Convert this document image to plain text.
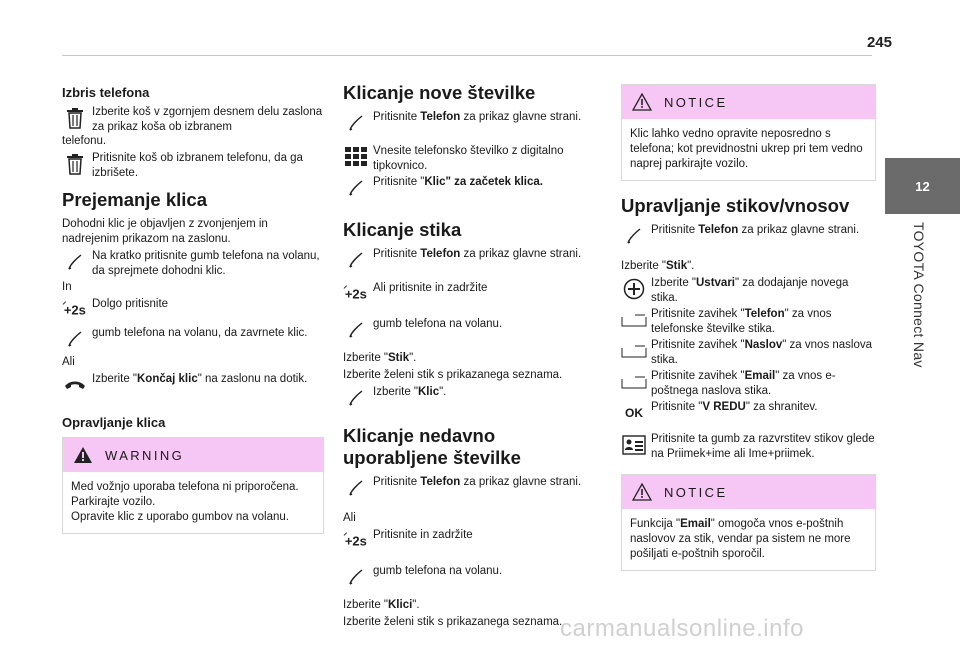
245
12
TOYOTA Connect Nav
Izbris telefona
Izberite koš v zgornjem desnem delu zaslona za prikaz koša ob izbranem

telefonu.

Pritisnite koš ob izbranem telefonu, da ga izbrišete.
Prejemanje klica

Dohodni klic je objavljen z zvonjenjem in nadrejenim prikazom na zaslonu.

Na kratko pritisnite gumb telefona na volanu, da sprejmete dohodni klic.

In

+2s Dolgo pritisnite
gumb telefona na volanu, da zavrnete klic.

Ali

Izberite "Končaj klic" na zaslonu na dotik.
Opravljanje klica
WARNING
Med vožnjo uporaba telefona ni priporočena.
Parkirajte vozilo.
Opravite klic z uporabo gumbov na volanu.
Klicanje nove številke
Pritisnite Telefon za prikaz glavne strani.
Vnesite telefonsko številko z digitalno tipkovnico.
Pritisnite "Klic" za začetek klica.
Klicanje stika
Pritisnite Telefon za prikaz glavne strani.
+2s Ali pritisnite in zadržite
gumb telefona na volanu.

Izberite "Stik".

Izberite želeni stik s prikazanega seznama.

Izberite "Klic".
Klicanje nedavno
uporabljene številke
Pritisnite Telefon za prikaz glavne strani.

Ali

+2s Pritisnite in zadržite
gumb telefona na volanu.

Izberite "Klici".

Izberite želeni stik s prikazanega seznama.

NOTICE
Klic lahko vedno opravite neposredno s telefona; kot previdnostni ukrep pri tem vedno naprej parkirajte vozilo.
Upravljanje stikov/vnosov
Pritisnite Telefon za prikaz glavne strani.

Izberite "Stik".

Izberite "Ustvari" za dodajanje novega stika.
Pritisnite zavihek "Telefon" za vnos telefonske številke stika.
Pritisnite zavihek "Naslov" za vnos naslova stika.
Pritisnite zavihek "Email" za vnos e-poštnega naslova stika.
OK Pritisnite "V REDU" za shranitev.
Pritisnite ta gumb za razvrstitev stikov glede na Priimek+ime ali Ime+priimek.
NOTICE
Funkcija "Email" omogoča vnos e-poštnih naslovov za stik, vendar pa sistem ne more pošiljati e-poštnih sporočil.
carmanualsonline.info
